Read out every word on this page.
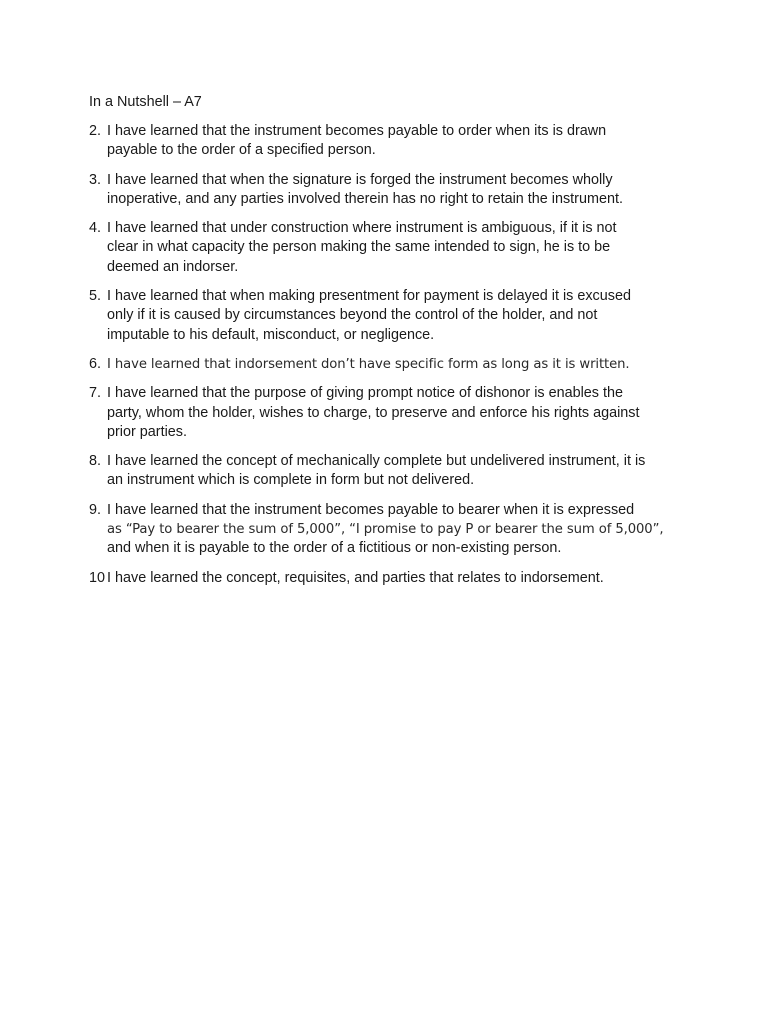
In a Nutshell – A7
2. I have learned that the instrument becomes payable to order when its is drawn
payable to the order of a specified person.
3. I have learned that when the signature is forged the instrument becomes wholly
inoperative, and any parties involved therein has no right to retain the instrument.
4. I have learned that under construction where instrument is ambiguous, if it is not
clear in what capacity the person making the same intended to sign, he is to be
deemed an indorser.
5. I have learned that when making presentment for payment is delayed it is excused
only if it is caused by circumstances beyond the control of the holder, and not
imputable to his default, misconduct, or negligence.
6. I have learned that indorsement don’t have specific form as long as it is written.
7. I have learned that the purpose of giving prompt notice of dishonor is enables the
party, whom the holder, wishes to charge, to preserve and enforce his rights against
prior parties.
8. I have learned the concept of mechanically complete but undelivered instrument, it is
an instrument which is complete in form but not delivered.
9. I have learned that the instrument becomes payable to bearer when it is expressed
as “Pay to bearer the sum of 5,000”, “I promise to pay P or bearer the sum of 5,000”,
and when it is payable to the order of a fictitious or non-existing person.
10 I have learned the concept, requisites, and parties that relates to indorsement.
